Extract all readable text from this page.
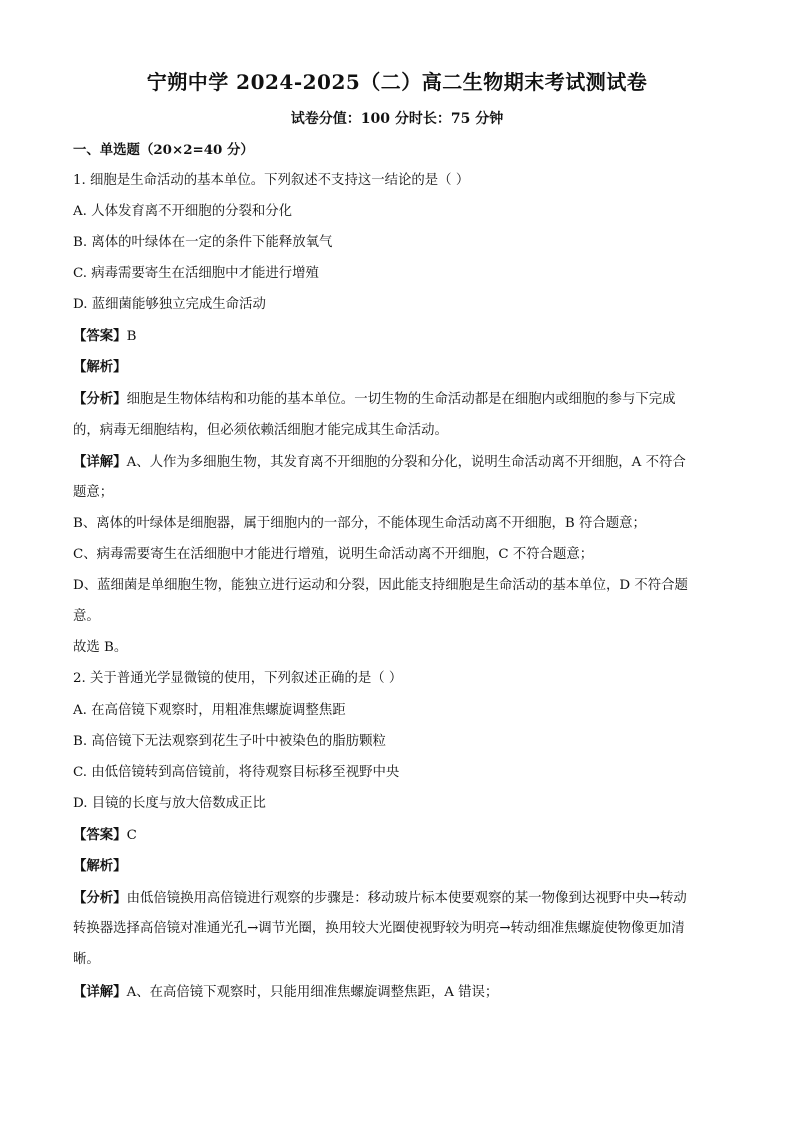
宁朔中学 2024-2025（二）高二生物期末考试测试卷
试卷分值：100 分时长：75 分钟
一、单选题（20×2=40 分）
1. 细胞是生命活动的基本单位。下列叙述不支持这一结论的是（ ）
A. 人体发育离不开细胞的分裂和分化
B. 离体的叶绿体在一定的条件下能释放氧气
C. 病毒需要寄生在活细胞中才能进行增殖
D. 蓝细菌能够独立完成生命活动
【答案】B
【解析】
【分析】细胞是生物体结构和功能的基本单位。一切生物的生命活动都是在细胞内或细胞的参与下完成
的，病毒无细胞结构，但必须依赖活细胞才能完成其生命活动。
【详解】A、人作为多细胞生物，其发育离不开细胞的分裂和分化，说明生命活动离不开细胞，A 不符合
题意；
B、离体的叶绿体是细胞器，属于细胞内的一部分，不能体现生命活动离不开细胞，B 符合题意；
C、病毒需要寄生在活细胞中才能进行增殖，说明生命活动离不开细胞，C 不符合题意；
D、蓝细菌是单细胞生物，能独立进行运动和分裂，因此能支持细胞是生命活动的基本单位，D 不符合题
意。
故选 B。
2. 关于普通光学显微镜的使用，下列叙述正确的是（ ）
A. 在高倍镜下观察时，用粗准焦螺旋调整焦距
B. 高倍镜下无法观察到花生子叶中被染色的脂肪颗粒
C. 由低倍镜转到高倍镜前，将待观察目标移至视野中央
D. 目镜的长度与放大倍数成正比
【答案】C
【解析】
【分析】由低倍镜换用高倍镜进行观察的步骤是：移动玻片标本使要观察的某一物像到达视野中央→转动
转换器选择高倍镜对准通光孔→调节光圈，换用较大光圈使视野较为明亮→转动细准焦螺旋使物像更加清
晰。
【详解】A、在高倍镜下观察时，只能用细准焦螺旋调整焦距，A 错误；
